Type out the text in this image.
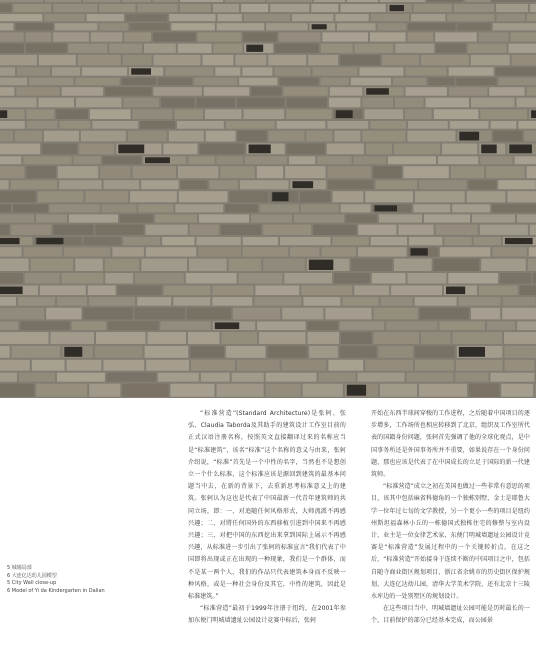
5 城墙局部
6 大连亿达幼儿园模型
5 City Wall close-up
6 Model of Yi da Kindergarten in Dalian

“标准营造”(Standard Architecture)是张轲、张弘、Claudia Taborda及其助手的建筑设计工作室目前的正式汉语注册名称，按照英文直接翻译过来的名称应当是“标准建筑”，该名“标准”这个名称的意义与由来，张轲介绍说，“标准”首先是一个中性的名字，当然也不是想创立一个什么标准，这个标准应该是源回到建筑的最基本问题当中去，在新的背景下，去重新思考标准意义上的建筑。张轲认为这也是代表了中国最新一代青年建筑师的共同立场，即：一、对追随任何风格形式，大师流派不再感兴趣；二、对將任何国外的东西移植引进到中国来不再感兴趣；三、对把中国的东西挖出来拿到国际上展示不再感兴趣，从标准进一步引出了张轲的标准宣言“我们代表了中国即将出现或正在出现的一种现象，我们是一个群体，而不是某一两个人，我们的作品只代表建筑本身而不反映一种风格，或是一种社会身份及其它，中性的建筑，因此是标准建筑。”

“标准营造”最初于1999年注册于纽约，在2001年参加东便门明城墙遗址公园设计竞赛中标后，张轲

开始在东西半球间穿梭的工作进程，之后随着中国项目的逐步增多，工作场所也相应转移到了北京，组织及工作室所代表的国籍身份问题，张轲首先强调了他的全球化观点，是中国事务所还是外国事务所并不重要，如果说存在一个身份问题，那也应该是代表了在中国成长的立足于国际的新一代建筑师。

“标准营造”成立之初在美国也做过一些非常有意思的项目，该其中包括麻省科德角的一个独栋别墅，金士是耶鲁大学一位年过七旬的文学教授，另一个更小一些的项目是纽约州斯坦福森林小丘的一栋德国式独栋住宅的修整与室内设计，业主是一位女律艺术家，东便门明城墙遗址公园设计竞赛是“标准营造”发展过程中的一个关键转折点，在这之后，“标准营造”开始接身于连续不断的中国项目之中，包括自随寺商业街区规划项目，浙江省余姚市的历史街区保护规划，大连亿达幼儿园，清华大学美术学院，还有北京十三陵水库边的一处别墅区的规划设计。

在这些项目当中，明城墙遗址公园可能是历时最长的一个，目前保护的部分已经基本完成，而公园景
